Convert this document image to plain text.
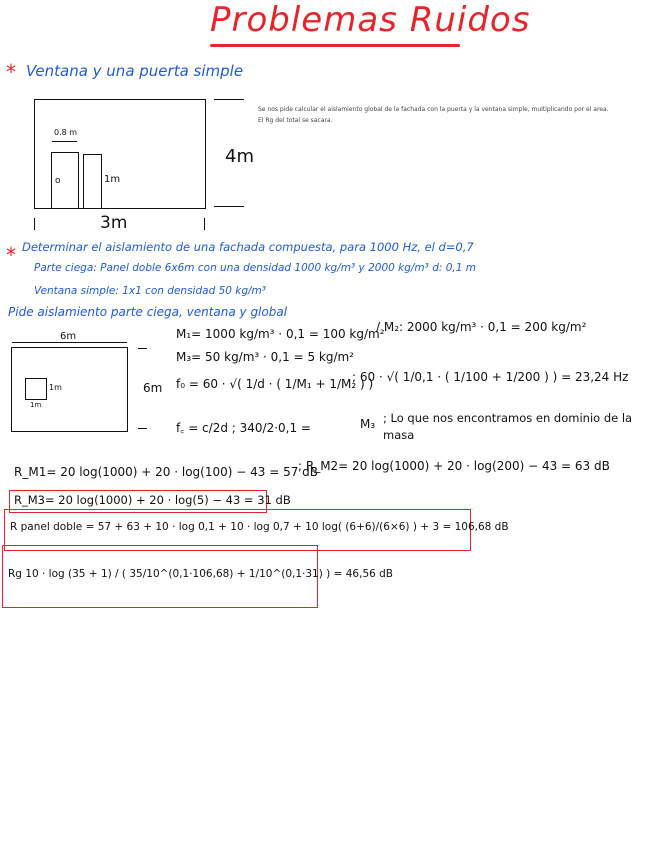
Problemas Ruidos
* Ventana y una puerta simple
o
0.8 m
1m
4m
3m
Se nos pide calcular el aislamiento global de la fachada con la puerta y la ventana simple, multiplicando por el area.
El Rg del total se sacara.
* Determinar el aislamiento de una fachada compuesta, para 1000 Hz, el d=0,7
Parte ciega: Panel doble 6x6m con una densidad 1000 kg/m³ y 2000 kg/m³ d: 0,1 m
Ventana simple: 1x1 con densidad 50 kg/m³
Pide aislamiento parte ciega, ventana y global
6m
1m
1m
6m
M₁= 1000 kg/m³ · 0,1 = 100 kg/m²
/ M₂: 2000 kg/m³ · 0,1 = 200 kg/m²
M₃= 50 kg/m³ · 0,1 = 5 kg/m²
f₀ = 60 · √( 1/d · ( 1/M₁ + 1/M₂ ) )
; 60 · √( 1/0,1 · ( 1/100 + 1/200 ) ) = 23,24 Hz
f꜀ = c/2d ; 340/2·0,1 =	M₃ ; Lo que nos encontramos en dominio de la masa
R_M1= 20 log(1000) + 20 · log(100) − 43 = 57 dB
; R_M2= 20 log(1000) + 20 · log(200) − 43 = 63 dB
R_M3= 20 log(1000) + 20 · log(5) − 43 = 31 dB
R panel doble = 57 + 63 + 10 · log 0,1 + 10 · log 0,7 + 10 log( (6+6)/(6×6) ) + 3 = 106,68 dB
Rg 10 · log (35 + 1) / ( 35/10^(0,1·106,68) + 1/10^(0,1·31) ) = 46,56 dB
